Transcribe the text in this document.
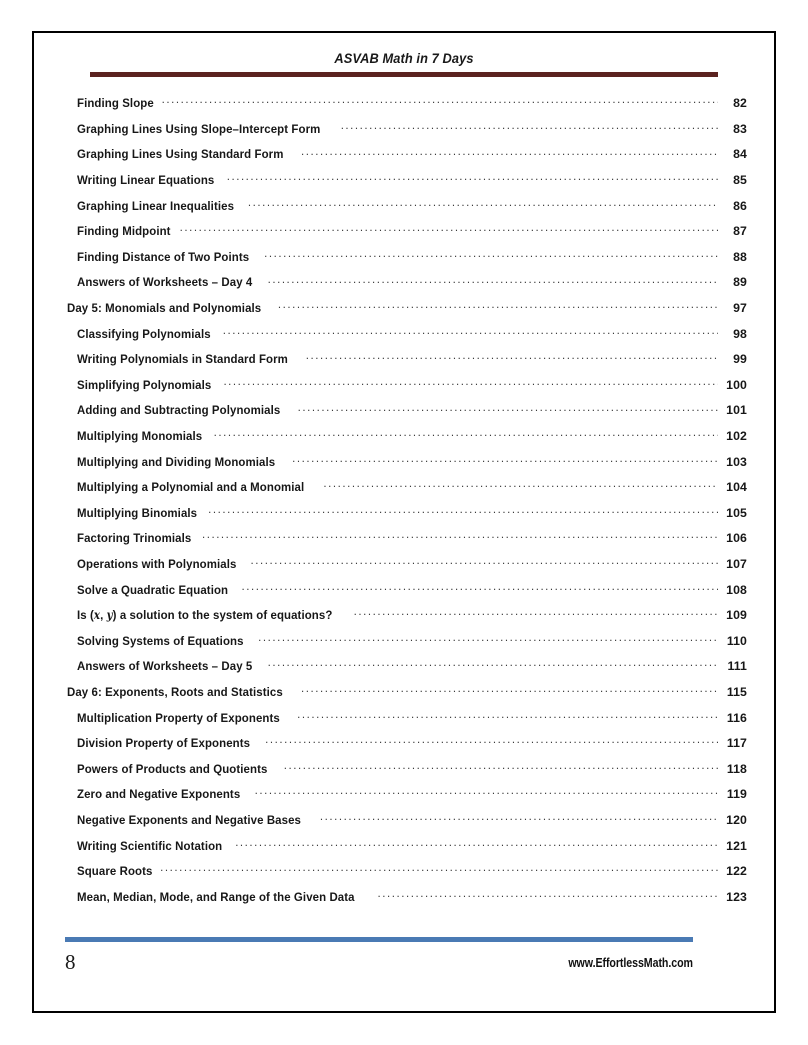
ASVAB Math in 7 Days
Finding Slope .....	82
Graphing Lines Using Slope–Intercept Form .....	83
Graphing Lines Using Standard Form .....	84
Writing Linear Equations .....	85
Graphing Linear Inequalities .....	86
Finding Midpoint .....	87
Finding Distance of Two Points .....	88
Answers of Worksheets – Day 4 .....	89
Day 5: Monomials and Polynomials .....	97
Classifying Polynomials .....	98
Writing Polynomials in Standard Form .....	99
Simplifying Polynomials .....	100
Adding and Subtracting Polynomials .....	101
Multiplying Monomials .....	102
Multiplying and Dividing Monomials .....	103
Multiplying a Polynomial and a Monomial .....	104
Multiplying Binomials .....	105
Factoring Trinomials .....	106
Operations with Polynomials .....	107
Solve a Quadratic Equation .....	108
Is (x, y) a solution to the system of equations? .....	109
Solving Systems of Equations .....	110
Answers of Worksheets – Day 5 .....	111
Day 6: Exponents, Roots and Statistics .....	115
Multiplication Property of Exponents .....	116
Division Property of Exponents .....	117
Powers of Products and Quotients .....	118
Zero and Negative Exponents .....	119
Negative Exponents and Negative Bases .....	120
Writing Scientific Notation .....	121
Square Roots .....	122
Mean, Median, Mode, and Range of the Given Data .....	123
8	www.EffortlessMath.com
